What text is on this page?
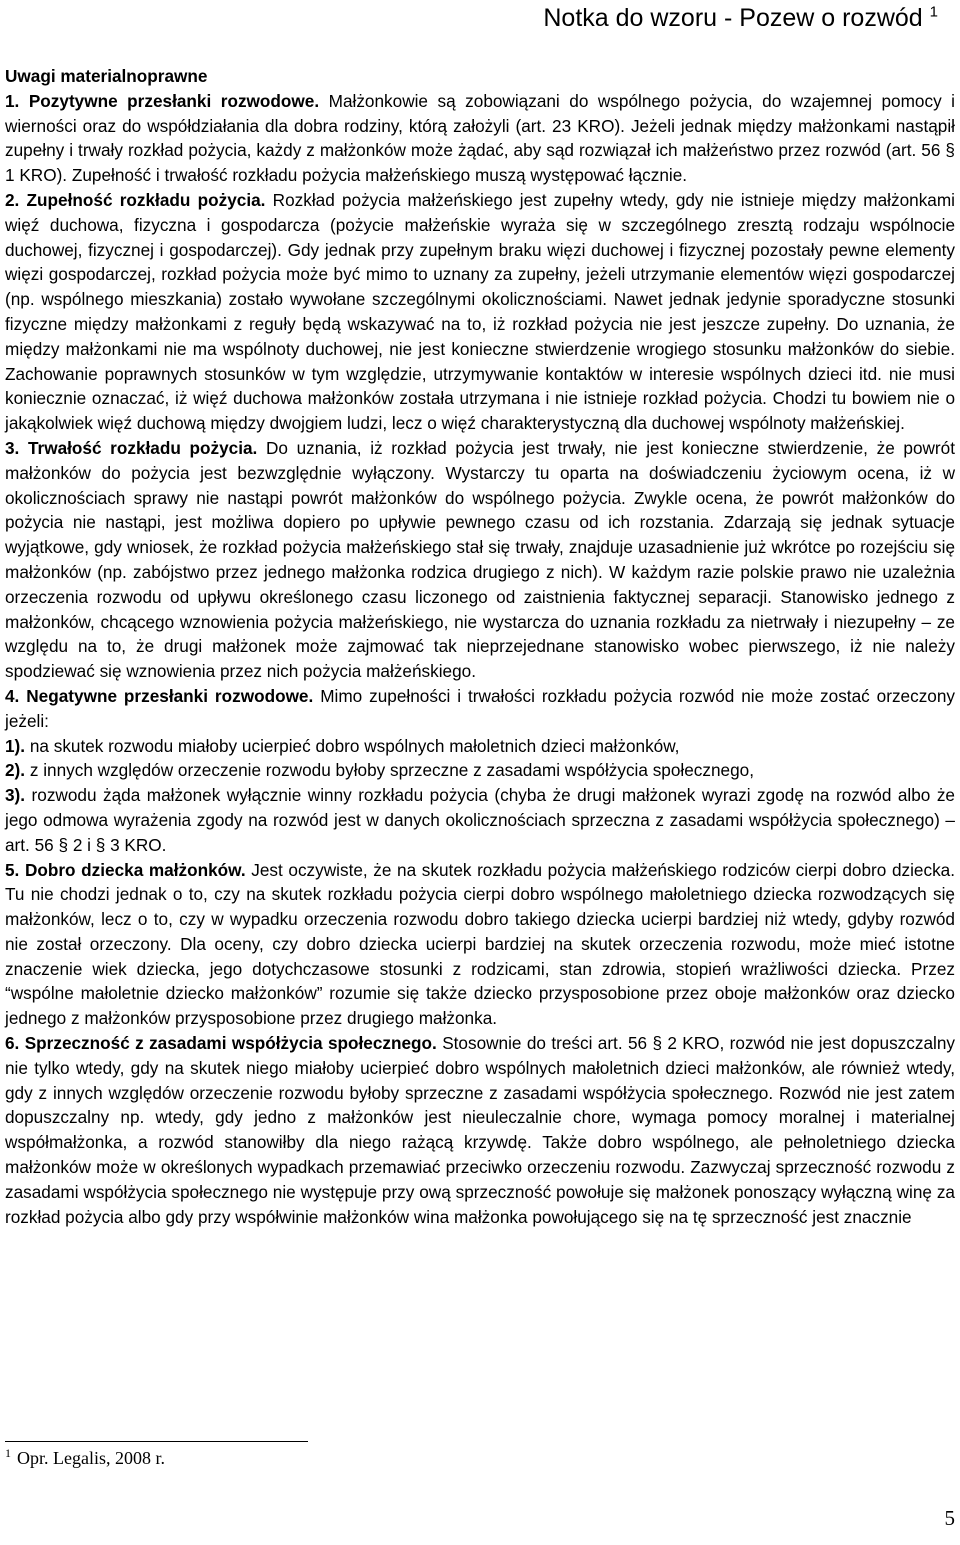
Notka do wzoru - Pozew o rozwód $^1$

Uwagi materialnoprawne

1. Pozytywne przesłanki rozwodowe. Małżonkowie są zobowiązani do wspólnego pożycia, do wzajemnej pomocy i wierności oraz do współdziałania dla dobra rodziny, którą założyli (art. 23 KRO). Jeżeli jednak między małżonkami nastąpił zupełny i trwały rozkład pożycia, każdy z małżonków może żądać, aby sąd rozwiązał ich małżeństwo przez rozwód (art. 56 § 1 KRO). Zupełność i trwałość rozkładu pożycia małżeńskiego muszą występować łącznie.

2. Zupełność rozkładu pożycia. Rozkład pożycia małżeńskiego jest zupełny wtedy, gdy nie istnieje między małżonkami więź duchowa, fizyczna i gospodarcza (pożycie małżeńskie wyraża się w szczególnego zresztą rodzaju wspólnocie duchowej, fizycznej i gospodarczej). Gdy jednak przy zupełnym braku więzi duchowej i fizycznej pozostały pewne elementy więzi gospodarczej, rozkład pożycia może być mimo to uznany za zupełny, jeżeli utrzymanie elementów więzi gospodarczej (np. wspólnego mieszkania) zostało wywołane szczególnymi okolicznościami. Nawet jednak jedynie sporadyczne stosunki fizyczne między małżonkami z reguły będą wskazywać na to, iż rozkład pożycia nie jest jeszcze zupełny. Do uznania, że między małżonkami nie ma wspólnoty duchowej, nie jest konieczne stwierdzenie wrogiego stosunku małżonków do siebie. Zachowanie poprawnych stosunków w tym względzie, utrzymywanie kontaktów w interesie wspólnych dzieci itd. nie musi koniecznie oznaczać, iż więź duchowa małżonków została utrzymana i nie istnieje rozkład pożycia. Chodzi tu bowiem nie o jakąkolwiek więź duchową między dwojgiem ludzi, lecz o więź charakterystyczną dla duchowej wspólnoty małżeńskiej.

3. Trwałość rozkładu pożycia. Do uznania, iż rozkład pożycia jest trwały, nie jest konieczne stwierdzenie, że powrót małżonków do pożycia jest bezwzględnie wyłączony. Wystarczy tu oparta na doświadczeniu życiowym ocena, iż w okolicznościach sprawy nie nastąpi powrót małżonków do wspólnego pożycia. Zwykle ocena, że powrót małżonków do pożycia nie nastąpi, jest możliwa dopiero po upływie pewnego czasu od ich rozstania. Zdarzają się jednak sytuacje wyjątkowe, gdy wniosek, że rozkład pożycia małżeńskiego stał się trwały, znajduje uzasadnienie już wkrótce po rozejściu się małżonków (np. zabójstwo przez jednego małżonka rodzica drugiego z nich). W każdym razie polskie prawo nie uzależnia orzeczenia rozwodu od upływu określonego czasu liczonego od zaistnienia faktycznej separacji. Stanowisko jednego z małżonków, chcącego wznowienia pożycia małżeńskiego, nie wystarcza do uznania rozkładu za nietrwały i niezupełny – ze względu na to, że drugi małżonek może zajmować tak nieprzejednane stanowisko wobec pierwszego, iż nie należy spodziewać się wznowienia przez nich pożycia małżeńskiego.

4. Negatywne przesłanki rozwodowe. Mimo zupełności i trwałości rozkładu pożycia rozwód nie może zostać orzeczony jeżeli:

1). na skutek rozwodu miałoby ucierpieć dobro wspólnych małoletnich dzieci małżonków,

2). z innych względów orzeczenie rozwodu byłoby sprzeczne z zasadami współżycia społecznego,

3). rozwodu żąda małżonek wyłącznie winny rozkładu pożycia (chyba że drugi małżonek wyrazi zgodę na rozwód albo że jego odmowa wyrażenia zgody na rozwód jest w danych okolicznościach sprzeczna z zasadami współżycia społecznego) – art. 56 § 2 i § 3 KRO.

5. Dobro dziecka małżonków. Jest oczywiste, że na skutek rozkładu pożycia małżeńskiego rodziców cierpi dobro dziecka. Tu nie chodzi jednak o to, czy na skutek rozkładu pożycia cierpi dobro wspólnego małoletniego dziecka rozwodzących się małżonków, lecz o to, czy w wypadku orzeczenia rozwodu dobro takiego dziecka ucierpi bardziej niż wtedy, gdyby rozwód nie został orzeczony. Dla oceny, czy dobro dziecka ucierpi bardziej na skutek orzeczenia rozwodu, może mieć istotne znaczenie wiek dziecka, jego dotychczasowe stosunki z rodzicami, stan zdrowia, stopień wrażliwości dziecka. Przez “wspólne małoletnie dziecko małżonków” rozumie się także dziecko przysposobione przez oboje małżonków oraz dziecko jednego z małżonków przysposobione przez drugiego małżonka.

6. Sprzeczność z zasadami współżycia społecznego. Stosownie do treści art. 56 § 2 KRO, rozwód nie jest dopuszczalny nie tylko wtedy, gdy na skutek niego miałoby ucierpieć dobro wspólnych małoletnich dzieci małżonków, ale również wtedy, gdy z innych względów orzeczenie rozwodu byłoby sprzeczne z zasadami współżycia społecznego. Rozwód nie jest zatem dopuszczalny np. wtedy, gdy jedno z małżonków jest nieuleczalnie chore, wymaga pomocy moralnej i materialnej współmałżonka, a rozwód stanowiłby dla niego rażącą krzywdę. Także dobro wspólnego, ale pełnoletniego dziecka małżonków może w określonych wypadkach przemawiać przeciwko orzeczeniu rozwodu. Zazwyczaj sprzeczność rozwodu z zasadami współżycia społecznego nie występuje przy ową sprzeczność powołuje się małżonek ponoszący wyłączną winę za rozkład pożycia albo gdy przy współwinie małżonków wina małżonka powołującego się na tę sprzeczność jest znacznie

$^1$ Opr. Legalis, 2008 r.
5
